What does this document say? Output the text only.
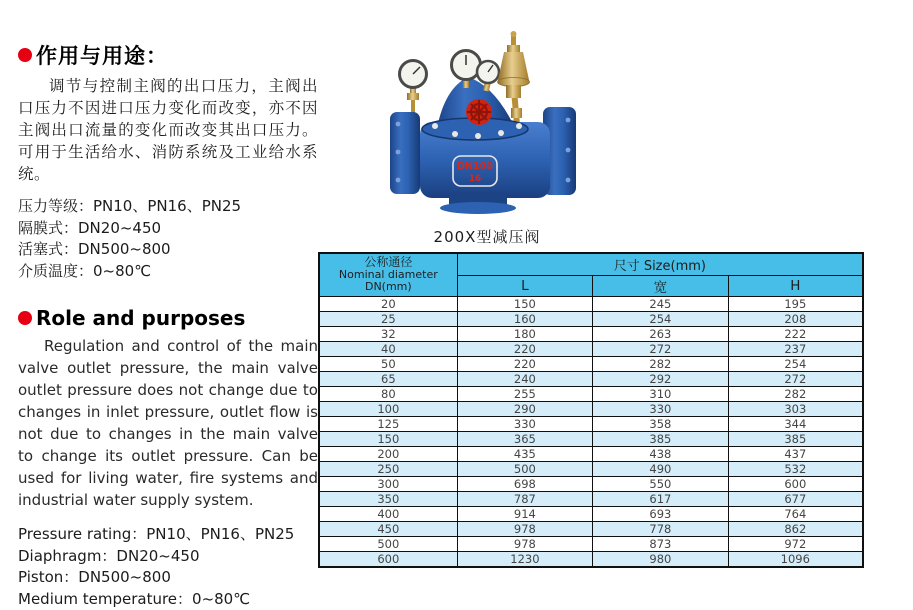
作用与用途：
调节与控制主阀的出口压力，主阀出口压力不因进口压力变化而改变，亦不因主阀出口流量的变化而改变其出口压力。可用于生活给水、消防系统及工业给水系统。
压力等级：PN10、PN16、PN25
隔膜式：DN20~450
活塞式：DN500~800
介质温度：0~80℃
Role and purposes
Regulation and control of the main valve outlet pressure, the main valve outlet pressure does not change due to changes in inlet pressure, outlet flow is not due to changes in the main valve to change its outlet pressure. Can be used for living water, fire systems and industrial water supply system.
Pressure rating：PN10、PN16、PN25
Diaphragm：DN20~450
Piston：DN500~800
Medium temperature：0~80℃
DN100
16
200X型减压阀
公称通径
Nominal diameter
DN(mm)	尺寸 Size(mm)		
	L	宽	H
20	150	245	195
25	160	254	208
32	180	263	222
40	220	272	237
50	220	282	254
65	240	292	272
80	255	310	282
100	290	330	303
125	330	358	344
150	365	385	385
200	435	438	437
250	500	490	532
300	698	550	600
350	787	617	677
400	914	693	764
450	978	778	862
500	978	873	972
600	1230	980	1096
